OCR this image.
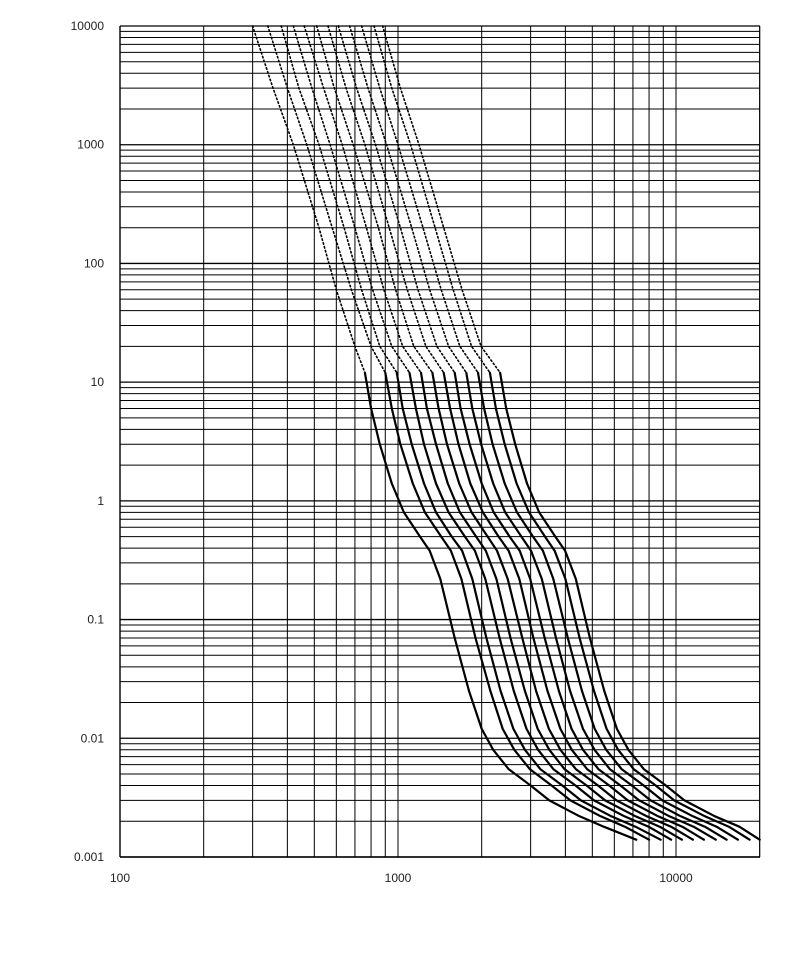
10000
1000
100
10
1
0.1
0.01
0.001
100	1000	10000
